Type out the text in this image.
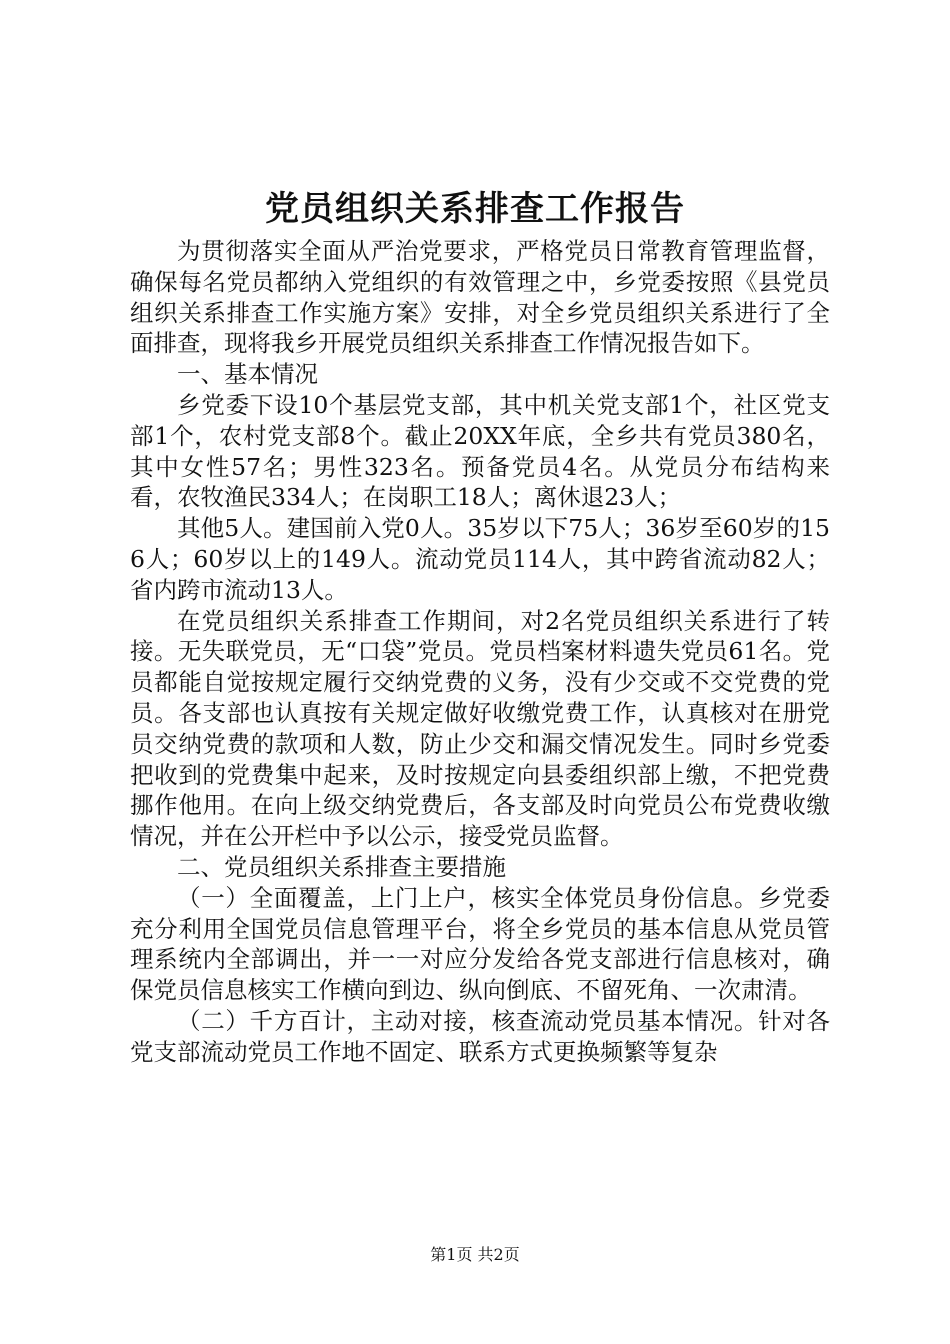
党员组织关系排查工作报告

为贯彻落实全面从严治党要求，严格党员日常教育管理监督，确保每名党员都纳入党组织的有效管理之中，乡党委按照《县党员组织关系排查工作实施方案》安排，对全乡党员组织关系进行了全面排查，现将我乡开展党员组织关系排查工作情况报告如下。

一、基本情况

乡党委下设10个基层党支部，其中机关党支部1个，社区党支部1个，农村党支部8个。截止20XX年底，全乡共有党员380名，其中女性57名；男性323名。预备党员4名。从党员分布结构来看，农牧渔民334人；在岗职工18人；离休退23人；

其他5人。建国前入党0人。35岁以下75人；36岁至60岁的156人；60岁以上的149人。流动党员114人，其中跨省流动82人；省内跨市流动13人。

在党员组织关系排查工作期间，对2名党员组织关系进行了转接。无失联党员，无“口袋”党员。党员档案材料遗失党员61名。党员都能自觉按规定履行交纳党费的义务，没有少交或不交党费的党员。各支部也认真按有关规定做好收缴党费工作，认真核对在册党员交纳党费的款项和人数，防止少交和漏交情况发生。同时乡党委把收到的党费集中起来，及时按规定向县委组织部上缴，不把党费挪作他用。在向上级交纳党费后，各支部及时向党员公布党费收缴情况，并在公开栏中予以公示，接受党员监督。

二、党员组织关系排查主要措施

（一）全面覆盖，上门上户，核实全体党员身份信息。乡党委充分利用全国党员信息管理平台，将全乡党员的基本信息从党员管理系统内全部调出，并一一对应分发给各党支部进行信息核对，确保党员信息核实工作横向到边、纵向倒底、不留死角、一次肃清。

（二）千方百计，主动对接，核查流动党员基本情况。针对各党支部流动党员工作地不固定、联系方式更换频繁等复杂

第1页 共2页
